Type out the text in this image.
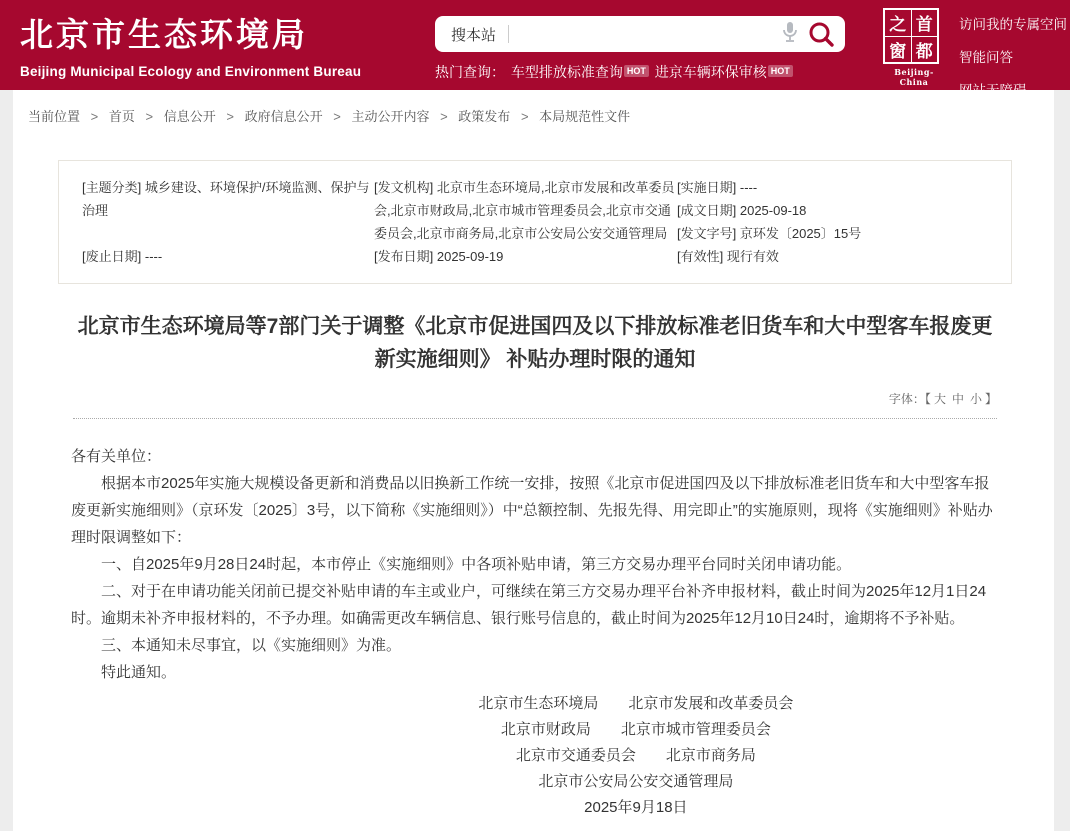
北京市生态环境局
Beijing Municipal Ecology and Environment Bureau
搜本站
热门查询： 车型排放标准查询 HOT 进京车辆环保审核 HOT
之 首
窗 都
Beijing-China
访问我的专属空间
智能问答
网站无障碍
当前位置 > 首页 > 信息公开 > 政府信息公开 > 主动公开内容 > 政策发布 > 本局规范性文件
[主题分类] 城乡建设、环境保护/环境监测、保护与治理
[废止日期] ----
[发文机构] 北京市生态环境局,北京市发展和改革委员会,北京市财政局,北京市城市管理委员会,北京市交通委员会,北京市商务局,北京市公安局公安交通管理局
[发布日期] 2025-09-19
[实施日期] ----
[成文日期] 2025-09-18
[发文字号] 京环发〔2025〕15号
[有效性] 现行有效
北京市生态环境局等7部门关于调整《北京市促进国四及以下排放标准老旧货车和大中型客车报废更新实施细则》 补贴办理时限的通知
字体：【 大 中 小 】

各有关单位：

根据本市2025年实施大规模设备更新和消费品以旧换新工作统一安排，按照《北京市促进国四及以下排放标准老旧货车和大中型客车报废更新实施细则》（京环发〔2025〕3号，以下简称《实施细则》）中“总额控制、先报先得、用完即止”的实施原则，现将《实施细则》补贴办理时限调整如下：

一、自2025年9月28日24时起，本市停止《实施细则》中各项补贴申请，第三方交易办理平台同时关闭申请功能。

二、对于在申请功能关闭前已提交补贴申请的车主或业户，可继续在第三方交易办理平台补齐申报材料，截止时间为2025年12月1日24时。逾期未补齐申报材料的，不予办理。如确需更改车辆信息、银行账号信息的，截止时间为2025年12月10日24时，逾期将不予补贴。

三、本通知未尽事宜，以《实施细则》为准。

特此通知。

北京市生态环境局　　北京市发展和改革委员会
北京市财政局　　北京市城市管理委员会
北京市交通委员会　　北京市商务局
北京市公安局公安交通管理局
2025年9月18日
